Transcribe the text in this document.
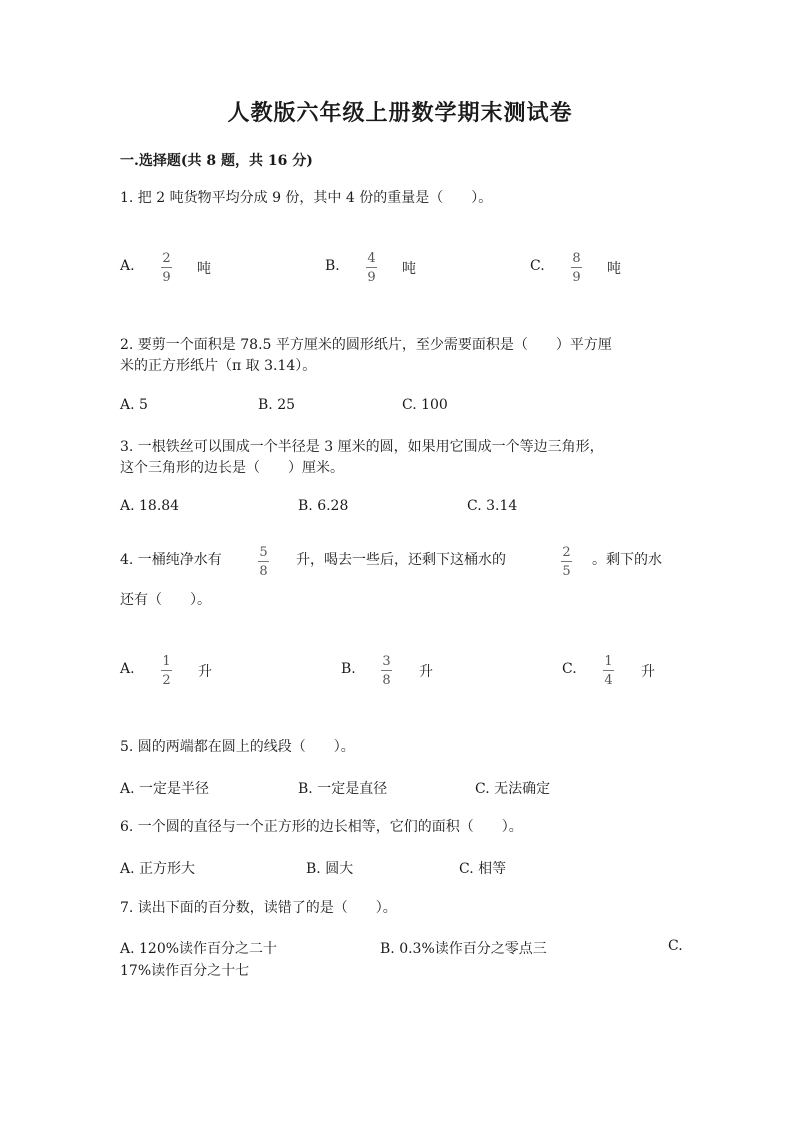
人教版六年级上册数学期末测试卷
一.选择题(共 8 题，共 16 分)
1. 把 2 吨货物平均分成 9 份，其中 4 份的重量是（　　）。
A. 2
9
吨	B. 4
9
吨	C. 8
9
吨
2. 要剪一个面积是 78.5 平方厘米的圆形纸片，至少需要面积是（　　）平方厘
米的正方形纸片（π 取 3.14）。
A. 5	B. 25	C. 100
3. 一根铁丝可以围成一个半径是 3 厘米的圆，如果用它围成一个等边三角形，
这个三角形的边长是（　　）厘米。
A. 18.84	B. 6.28	C. 3.14
4. 一桶纯净水有	5
8
升，喝去一些后，还剩下这桶水的	2
5
。剩下的水
还有（　　）。
A. 1
2
升	B. 3
8
升	C. 1
4
升
5. 圆的两端都在圆上的线段（　　）。
A. 一定是半径	B. 一定是直径	C. 无法确定
6. 一个圆的直径与一个正方形的边长相等，它们的面积（　　）。
A. 正方形大	B. 圆大	C. 相等
7. 读出下面的百分数，读错了的是（　　）。
A. 120%读作百分之二十	B. 0.3%读作百分之零点三	C.
17%读作百分之十七
